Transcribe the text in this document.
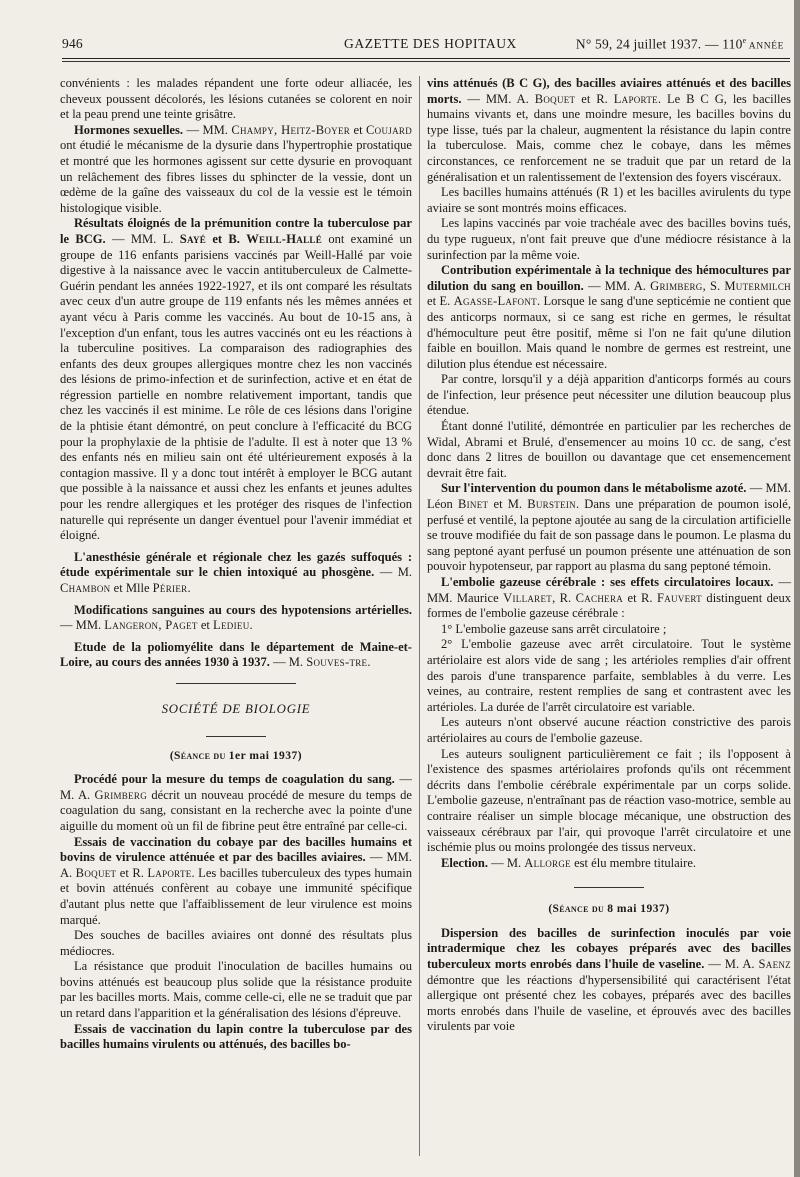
946	GAZETTE DES HOPITAUX	N° 59, 24 juillet 1937. — 110e ANNÉE

convénients : les malades répandent une forte odeur alliacée, les cheveux poussent décolorés, les lésions cutanées se colorent en noir et la peau prend une teinte grisâtre.

Hormones sexuelles. — MM. Champy, Heitz-Boyer et Coujard ont étudié le mécanisme de la dysurie dans l'hypertrophie prostatique et montré que les hormones agissent sur cette dysurie en provoquant un relâchement des fibres lisses du sphincter de la vessie, dont un œdème de la gaîne des vaisseaux du col de la vessie est le témoin histologique visible.

Résultats éloignés de la prémunition contre la tuberculose par le BCG. — MM. L. Sayé et B. Weill-Hallé ont examiné un groupe de 116 enfants parisiens vaccinés par Weill-Hallé par voie digestive à la naissance avec le vaccin antituberculeux de Calmette-Guérin pendant les années 1922-1927, et ils ont comparé les résultats avec ceux d'un autre groupe de 119 enfants nés les mêmes années et ayant vécu à Paris comme les vaccinés. Au bout de 10-15 ans, à l'exception d'un enfant, tous les autres vaccinés ont eu les réactions à la tuberculine positives. La comparaison des radiographies des enfants des deux groupes allergiques montre chez les non vaccinés des lésions de primo-infection et de surinfection, active et en état de régression partielle en nombre relativement important, tandis que chez les vaccinés il est minime. Le rôle de ces lésions dans l'origine de la phtisie étant démontré, on peut conclure à l'efficacité du BCG pour la prophylaxie de la phtisie de l'adulte. Il est à noter que 13 % des enfants nés en milieu sain ont été ultérieurement exposés à la contagion massive. Il y a donc tout intérêt à employer le BCG autant que possible à la naissance et aussi chez les enfants et jeunes adultes pour les rendre allergiques et les protéger des risques de l'infection naturelle qui représente un danger éventuel pour l'avenir immédiat et éloigné.

L'anesthésie générale et régionale chez les gazés suffoqués : étude expérimentale sur le chien intoxiqué au phosgène. — M. Chambon et Mlle Périer.

Modifications sanguines au cours des hypotensions artérielles. — MM. Langeron, Paget et Ledieu.

Etude de la poliomyélite dans le département de Maine-et-Loire, au cours des années 1930 à 1937. — M. Souves-tre.

SOCIÉTÉ DE BIOLOGIE
(Séance du 1er mai 1937)

Procédé pour la mesure du temps de coagulation du sang. — M. A. Grimberg décrit un nouveau procédé de mesure du temps de coagulation du sang, consistant en la recherche avec la pointe d'une aiguille du moment où un fil de fibrine peut être entraîné par celle-ci.

Essais de vaccination du cobaye par des bacilles humains et bovins de virulence atténuée et par des bacilles aviaires. — MM. A. Boquet et R. Laporte. Les bacilles tuberculeux des types humain et bovin atténués confèrent au cobaye une immunité spécifique d'autant plus nette que l'affaiblissement de leur virulence est moins marqué.

Des souches de bacilles aviaires ont donné des résultats plus médiocres.

La résistance que produit l'inoculation de bacilles humains ou bovins atténués est beaucoup plus solide que la résistance produite par les bacilles morts. Mais, comme celle-ci, elle ne se traduit que par un retard dans l'apparition et la généralisation des lésions d'épreuve.

Essais de vaccination du lapin contre la tuberculose par des bacilles humains virulents ou atténués, des bacilles bo-

vins atténués (B C G), des bacilles aviaires atténués et des bacilles morts. — MM. A. Boquet et R. Laporte. Le B C G, les bacilles humains vivants et, dans une moindre mesure, les bacilles bovins du type lisse, tués par la chaleur, augmentent la résistance du lapin contre la tuberculose. Mais, comme chez le cobaye, dans les mêmes circonstances, ce renforcement ne se traduit que par un retard de la généralisation et un ralentissement de l'extension des foyers viscéraux.

Les bacilles humains atténués (R 1) et les bacilles avirulents du type aviaire se sont montrés moins efficaces.

Les lapins vaccinés par voie trachéale avec des bacilles bovins tués, du type rugueux, n'ont fait preuve que d'une médiocre résistance à la surinfection par la même voie.

Contribution expérimentale à la technique des hémocultures par dilution du sang en bouillon. — MM. A. Grimberg, S. Mutermilch et E. Agasse-Lafont. Lorsque le sang d'une septicémie ne contient que des anticorps normaux, si ce sang est riche en germes, le résultat d'hémoculture peut être positif, même si l'on ne fait qu'une dilution faible en bouillon. Mais quand le nombre de germes est restreint, une dilution plus étendue est nécessaire.

Par contre, lorsqu'il y a déjà apparition d'anticorps formés au cours de l'infection, leur présence peut nécessiter une dilution beaucoup plus étendue.

Étant donné l'utilité, démontrée en particulier par les recherches de Widal, Abrami et Brulé, d'ensemencer au moins 10 cc. de sang, c'est donc dans 2 litres de bouillon ou davantage que cet ensemencement devrait être fait.

Sur l'intervention du poumon dans le métabolisme azoté. — MM. Léon Binet et M. Burstein. Dans une préparation de poumon isolé, perfusé et ventilé, la peptone ajoutée au sang de la circulation artificielle se trouve modifiée du fait de son passage dans le poumon. Le plasma du sang peptoné ayant perfusé un poumon présente une atténuation de son pouvoir hypotenseur, par rapport au plasma du sang peptoné témoin.

L'embolie gazeuse cérébrale : ses effets circulatoires locaux. — MM. Maurice Villaret, R. Cachera et R. Fauvert distinguent deux formes de l'embolie gazeuse cérébrale :

1° L'embolie gazeuse sans arrêt circulatoire ;

2° L'embolie gazeuse avec arrêt circulatoire. Tout le système artériolaire est alors vide de sang ; les artérioles remplies d'air offrent des parois d'une transparence parfaite, semblables à du verre. Les veines, au contraire, restent remplies de sang et contrastent avec les artérioles. La durée de l'arrêt circulatoire est variable.

Les auteurs n'ont observé aucune réaction constrictive des parois artériolaires au cours de l'embolie gazeuse.

Les auteurs soulignent particulièrement ce fait ; ils l'opposent à l'existence des spasmes artériolaires profonds qu'ils ont récemment décrits dans l'embolie cérébrale expérimentale par un corps solide. L'embolie gazeuse, n'entraînant pas de réaction vaso-motrice, semble au contraire réaliser un simple blocage mécanique, une obstruction des vaisseaux cérébraux par l'air, qui provoque l'arrêt circulatoire et une ischémie plus ou moins prolongée des tissus nerveux.

Election. — M. Allorge est élu membre titulaire.

(Séance du 8 mai 1937)

Dispersion des bacilles de surinfection inoculés par voie intradermique chez les cobayes préparés avec des bacilles tuberculeux morts enrobés dans l'huile de vaseline. — M. A. Saenz démontre que les réactions d'hypersensibilité qui caractérisent l'état allergique ont présenté chez les cobayes, préparés avec des bacilles morts enrobés dans l'huile de vaseline, et éprouvés avec des bacilles virulents par voie
